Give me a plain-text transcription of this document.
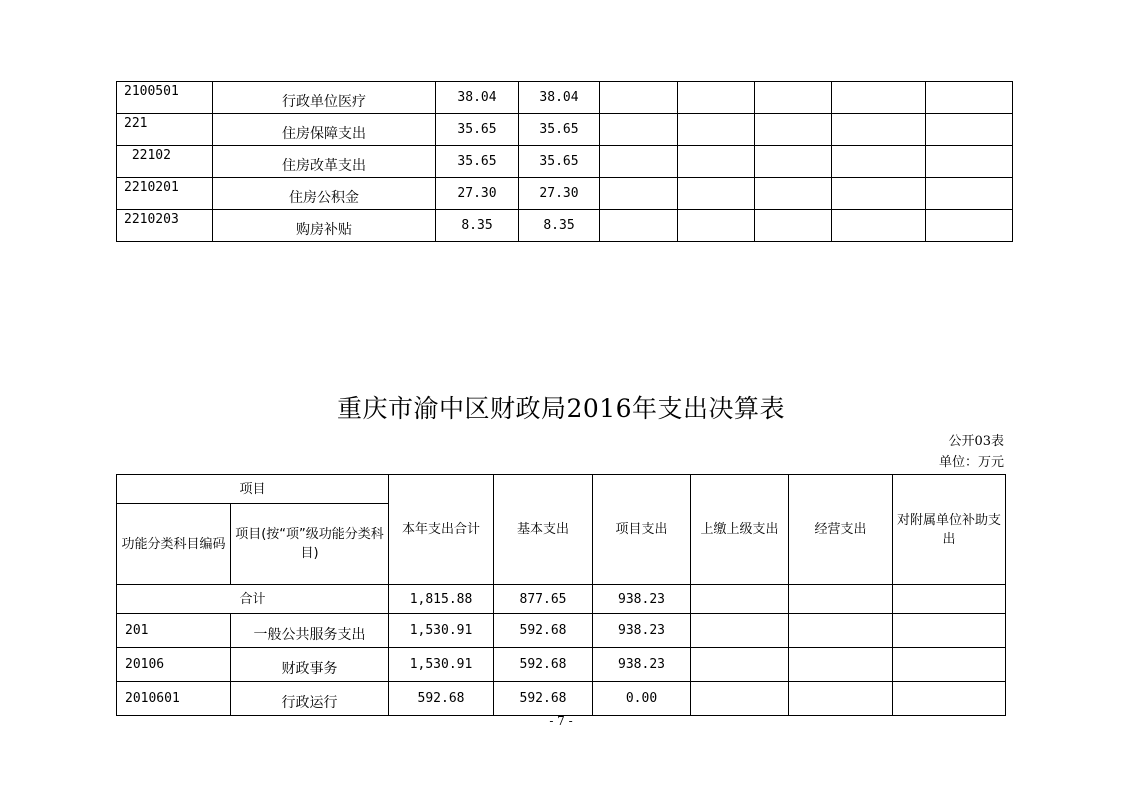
2100501	行政单位医疗	38.04	38.04					
221	住房保障支出	35.65	35.65					
22102	住房改革支出	35.65	35.65					
2210201	住房公积金	27.30	27.30					
2210203	购房补贴	8.35	8.35					
重庆市渝中区财政局2016年支出决算表
公开03表
单位：万元
项目		本年支出合计	基本支出	项目支出	上缴上级支出	经营支出	对附属单位补助支出
功能分类科目编码	项目(按“项”级功能分类科目)						
合计		1,815.88	877.65	938.23			
201	一般公共服务支出	1,530.91	592.68	938.23			
20106	财政事务	1,530.91	592.68	938.23			
2010601	行政运行	592.68	592.68	0.00			
- 7 -
